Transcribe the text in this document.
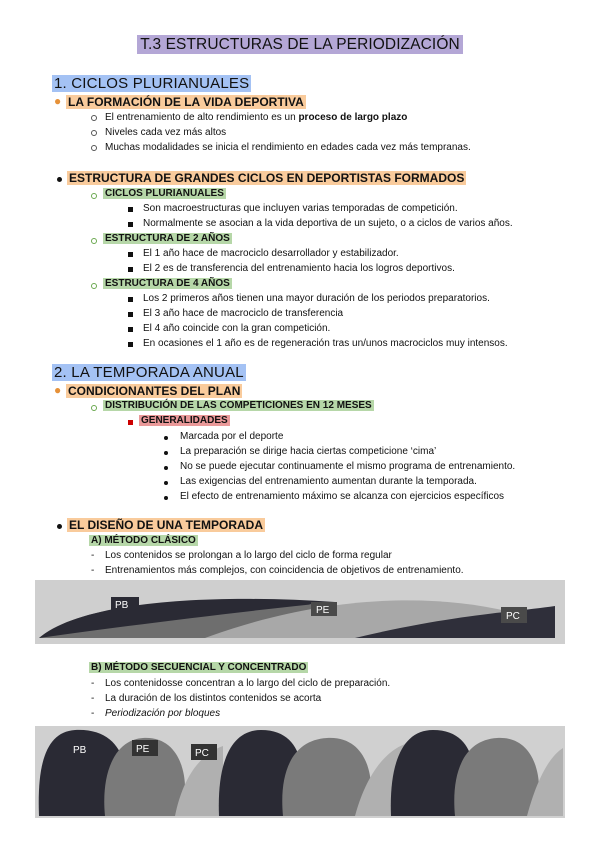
T.3 ESTRUCTURAS DE LA PERIODIZACIÓN
1. CICLOS PLURIANUALES
● LA FORMACIÓN DE LA VIDA DEPORTIVA
El entrenamiento de alto rendimiento es un proceso de largo plazo
Niveles cada vez más altos
Muchas modalidades se inicia el rendimiento en edades cada vez más tempranas.
ESTRUCTURA DE GRANDES CICLOS EN DEPORTISTAS FORMADOS
CICLOS PLURIANUALES
Son macroestructuras que incluyen varias temporadas de competición.
Normalmente se asocian a la vida deportiva de un sujeto, o a ciclos de varios años.
ESTRUCTURA DE 2 AÑOS
El 1 año hace de macrociclo desarrollador y estabilizador.
El 2 es de transferencia del entrenamiento hacia los logros deportivos.
ESTRUCTURA DE 4 AÑOS
Los 2 primeros años tienen una mayor duración de los periodos preparatorios.
El 3 año hace de macrociclo de transferencia
El 4 año coincide con la gran competición.
En ocasiones el 1 año es de regeneración tras un/unos macrociclos muy intensos.
2. LA TEMPORADA ANUAL
● CONDICIONANTES DEL PLAN
DISTRIBUCIÓN DE LAS COMPETICIONES EN 12 MESES
GENERALIDADES
Marcada por el deporte
La preparación se dirige hacia ciertas competicione ‘cima’
No se puede ejecutar continuamente el mismo programa de entrenamiento.
Las exigencias del entrenamiento aumentan durante la temporada.
El efecto de entrenamiento máximo se alcanza con ejercicios específicos
EL DISEÑO DE UNA TEMPORADA
A) MÉTODO CLÁSICO
- Los contenidos se prolongan a lo largo del ciclo de forma regular
- Entrenamientos más complejos, con coincidencia de objetivos de entrenamiento.
PB	PE
PC
B) MÉTODO SECUENCIAL Y CONCENTRADO
- Los contenidosse concentran a lo largo del ciclo de preparación.
- La duración de los distintos contenidos se acorta
- Periodización por bloques
PB	PE	PC
